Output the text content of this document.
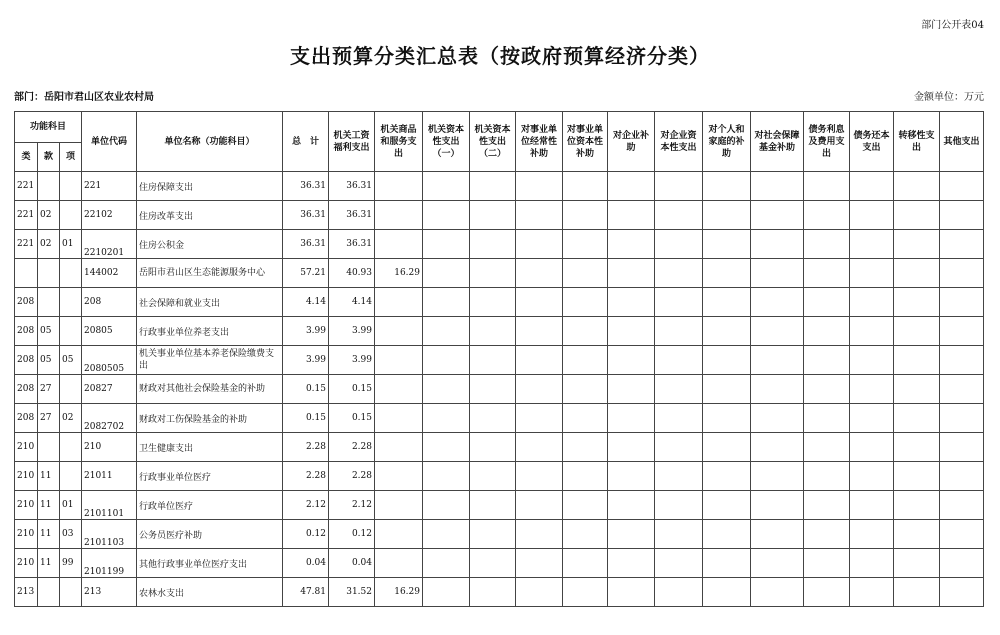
部门公开表04
支出预算分类汇总表（按政府预算经济分类）
部门：岳阳市君山区农业农村局	金额单位：万元
功能科目			单位代码	单位名称（功能科目）	总　计	机关工资福利支出	机关商品和服务支出	机关资本性支出（一）	机关资本性支出（二）	对事业单位经常性补助	对事业单位资本性补助	对企业补助	对企业资本性支出	对个人和家庭的补助	对社会保障基金补助	债务利息及费用支出	债务还本支出	转移性支出	其他支出
类	款	项																	
221			221	住房保障支出	36.31	36.31													
221	02		22102	住房改革支出	36.31	36.31													
221	02	01	2210201	住房公积金	36.31	36.31													
			144002	岳阳市君山区生态能源服务中心	57.21	40.93	16.29												
208			208	社会保障和就业支出	4.14	4.14													
208	05		20805	行政事业单位养老支出	3.99	3.99													
208	05	05	2080505	机关事业单位基本养老保险缴费支出	3.99	3.99													
208	27		20827	财政对其他社会保险基金的补助	0.15	0.15													
208	27	02	2082702	财政对工伤保险基金的补助	0.15	0.15													
210			210	卫生健康支出	2.28	2.28													
210	11		21011	行政事业单位医疗	2.28	2.28													
210	11	01	2101101	行政单位医疗	2.12	2.12													
210	11	03	2101103	公务员医疗补助	0.12	0.12													
210	11	99	2101199	其他行政事业单位医疗支出	0.04	0.04													
213			213	农林水支出	47.81	31.52	16.29												
